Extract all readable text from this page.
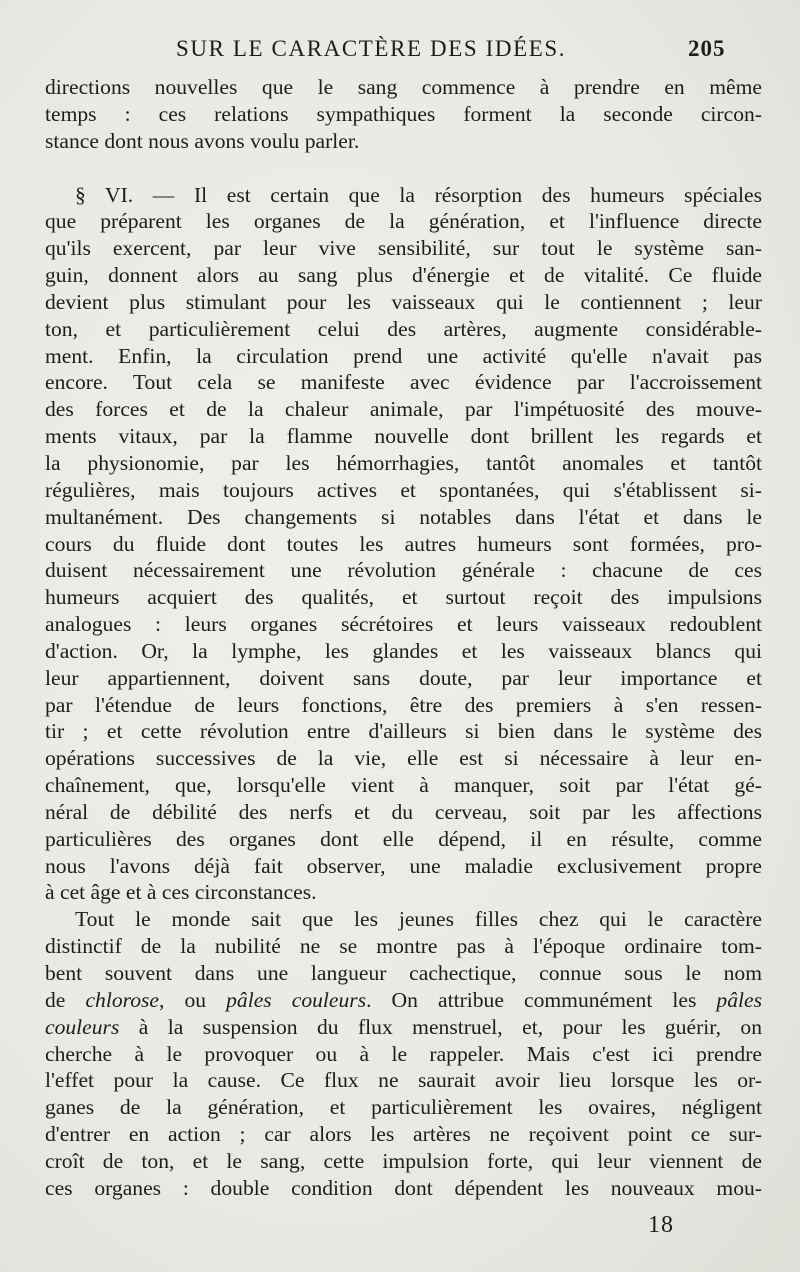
SUR LE CARACTÈRE DES IDÉES.	205
directions nouvelles que le sang commence à prendre en même
temps : ces relations sympathiques forment la seconde circon-
stance dont nous avons voulu parler.
§ VI. — Il est certain que la résorption des humeurs spéciales
que préparent les organes de la génération, et l'influence directe
qu'ils exercent, par leur vive sensibilité, sur tout le système san-
guin, donnent alors au sang plus d'énergie et de vitalité. Ce fluide
devient plus stimulant pour les vaisseaux qui le contiennent ; leur
ton, et particulièrement celui des artères, augmente considérable-
ment. Enfin, la circulation prend une activité qu'elle n'avait pas
encore. Tout cela se manifeste avec évidence par l'accroissement
des forces et de la chaleur animale, par l'impétuosité des mouve-
ments vitaux, par la flamme nouvelle dont brillent les regards et
la physionomie, par les hémorrhagies, tantôt anomales et tantôt
régulières, mais toujours actives et spontanées, qui s'établissent si-
multanément. Des changements si notables dans l'état et dans le
cours du fluide dont toutes les autres humeurs sont formées, pro-
duisent nécessairement une révolution générale : chacune de ces
humeurs acquiert des qualités, et surtout reçoit des impulsions
analogues : leurs organes sécrétoires et leurs vaisseaux redoublent
d'action. Or, la lymphe, les glandes et les vaisseaux blancs qui
leur appartiennent, doivent sans doute, par leur importance et
par l'étendue de leurs fonctions, être des premiers à s'en ressen-
tir ; et cette révolution entre d'ailleurs si bien dans le système des
opérations successives de la vie, elle est si nécessaire à leur en-
chaînement, que, lorsqu'elle vient à manquer, soit par l'état gé-
néral de débilité des nerfs et du cerveau, soit par les affections
particulières des organes dont elle dépend, il en résulte, comme
nous l'avons déjà fait observer, une maladie exclusivement propre
à cet âge et à ces circonstances.
Tout le monde sait que les jeunes filles chez qui le caractère
distinctif de la nubilité ne se montre pas à l'époque ordinaire tom-
bent souvent dans une langueur cachectique, connue sous le nom
de chlorose, ou pâles couleurs. On attribue communément les pâles
couleurs à la suspension du flux menstruel, et, pour les guérir, on
cherche à le provoquer ou à le rappeler. Mais c'est ici prendre
l'effet pour la cause. Ce flux ne saurait avoir lieu lorsque les or-
ganes de la génération, et particulièrement les ovaires, négligent
d'entrer en action ; car alors les artères ne reçoivent point ce sur-
croît de ton, et le sang, cette impulsion forte, qui leur viennent de
ces organes : double condition dont dépendent les nouveaux mou-
18
